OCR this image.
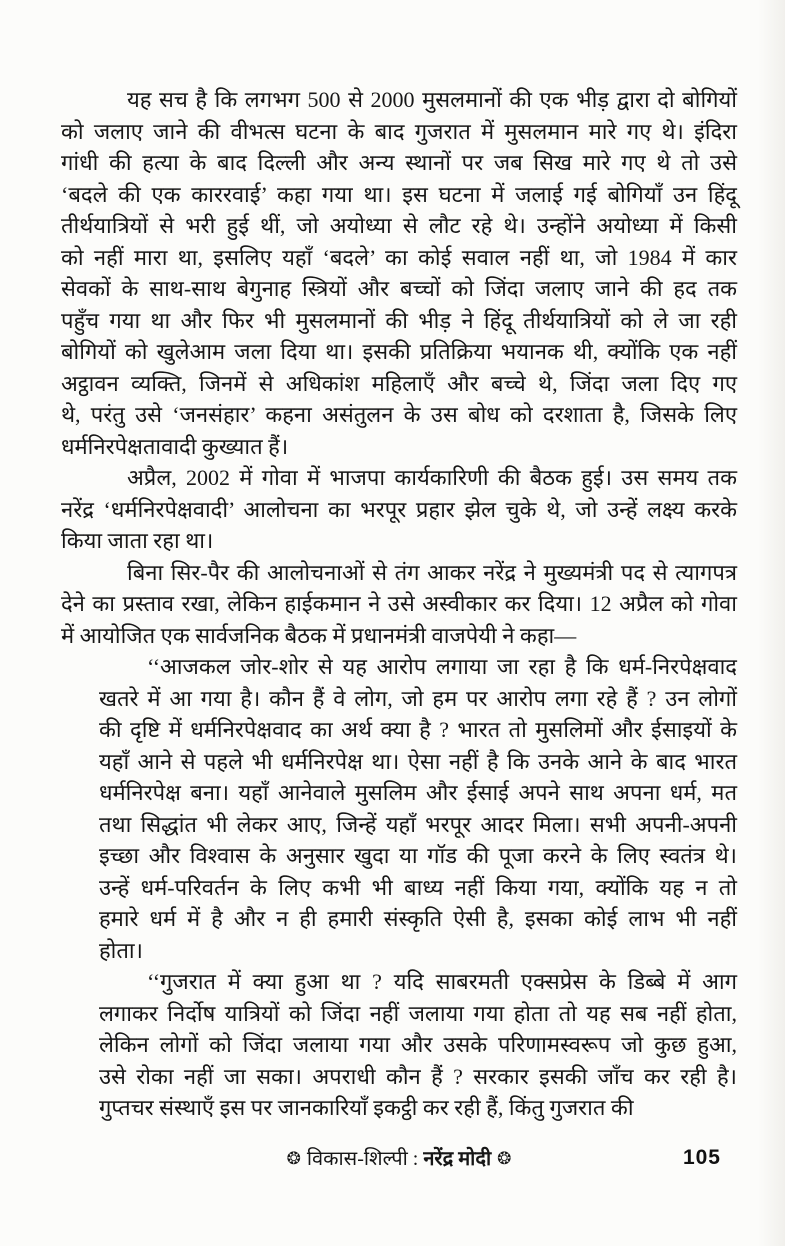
यह सच है कि लगभग 500 से 2000 मुसलमानों की एक भीड़ द्वारा दो बोगियों
को जलाए जाने की वीभत्स घटना के बाद गुजरात में मुसलमान मारे गए थे। इंदिरा
गांधी की हत्या के बाद दिल्ली और अन्य स्थानों पर जब सिख मारे गए थे तो उसे
‘बदले की एक काररवाई’ कहा गया था। इस घटना में जलाई गई बोगियाँ उन हिंदू
तीर्थयात्रियों से भरी हुई थीं, जो अयोध्या से लौट रहे थे। उन्होंने अयोध्या में किसी
को नहीं मारा था, इसलिए यहाँ ‘बदले’ का कोई सवाल नहीं था, जो 1984 में कार
सेवकों के साथ-साथ बेगुनाह स्त्रियों और बच्चों को जिंदा जलाए जाने की हद तक
पहुँच गया था और फिर भी मुसलमानों की भीड़ ने हिंदू तीर्थयात्रियों को ले जा रही
बोगियों को खुलेआम जला दिया था। इसकी प्रतिक्रिया भयानक थी, क्योंकि एक नहीं
अट्ठावन व्यक्ति, जिनमें से अधिकांश महिलाएँ और बच्चे थे, जिंदा जला दिए गए
थे, परंतु उसे ‘जनसंहार’ कहना असंतुलन के उस बोध को दरशाता है, जिसके लिए
धर्मनिरपेक्षतावादी कुख्यात हैं।
अप्रैल, 2002 में गोवा में भाजपा कार्यकारिणी की बैठक हुई। उस समय तक
नरेंद्र ‘धर्मनिरपेक्षवादी’ आलोचना का भरपूर प्रहार झेल चुके थे, जो उन्हें लक्ष्य करके
किया जाता रहा था।
बिना सिर-पैर की आलोचनाओं से तंग आकर नरेंद्र ने मुख्यमंत्री पद से त्यागपत्र
देने का प्रस्ताव रखा, लेकिन हाईकमान ने उसे अस्वीकार कर दिया। 12 अप्रैल को गोवा
में आयोजित एक सार्वजनिक बैठक में प्रधानमंत्री वाजपेयी ने कहा—
‘‘आजकल जोर-शोर से यह आरोप लगाया जा रहा है कि धर्म-निरपेक्षवाद
खतरे में आ गया है। कौन हैं वे लोग, जो हम पर आरोप लगा रहे हैं ? उन लोगों
की दृष्टि में धर्मनिरपेक्षवाद का अर्थ क्या है ? भारत तो मुसलिमों और ईसाइयों के
यहाँ आने से पहले भी धर्मनिरपेक्ष था। ऐसा नहीं है कि उनके आने के बाद भारत
धर्मनिरपेक्ष बना। यहाँ आनेवाले मुसलिम और ईसाई अपने साथ अपना धर्म, मत
तथा सिद्धांत भी लेकर आए, जिन्हें यहाँ भरपूर आदर मिला। सभी अपनी-अपनी
इच्छा और विश्वास के अनुसार खुदा या गॉड की पूजा करने के लिए स्वतंत्र थे।
उन्हें धर्म-परिवर्तन के लिए कभी भी बाध्य नहीं किया गया, क्योंकि यह न तो
हमारे धर्म में है और न ही हमारी संस्कृति ऐसी है, इसका कोई लाभ भी नहीं
होता।
‘‘गुजरात में क्या हुआ था ? यदि साबरमती एक्सप्रेस के डिब्बे में आग
लगाकर निर्दोष यात्रियों को जिंदा नहीं जलाया गया होता तो यह सब नहीं होता,
लेकिन लोगों को जिंदा जलाया गया और उसके परिणामस्वरूप जो कुछ हुआ,
उसे रोका नहीं जा सका। अपराधी कौन हैं ? सरकार इसकी जाँच कर रही है।
गुप्तचर संस्थाएँ इस पर जानकारियाँ इकट्ठी कर रही हैं, किंतु गुजरात की
❂ विकास-शिल्पी : नरेंद्र मोदी ❂	105
